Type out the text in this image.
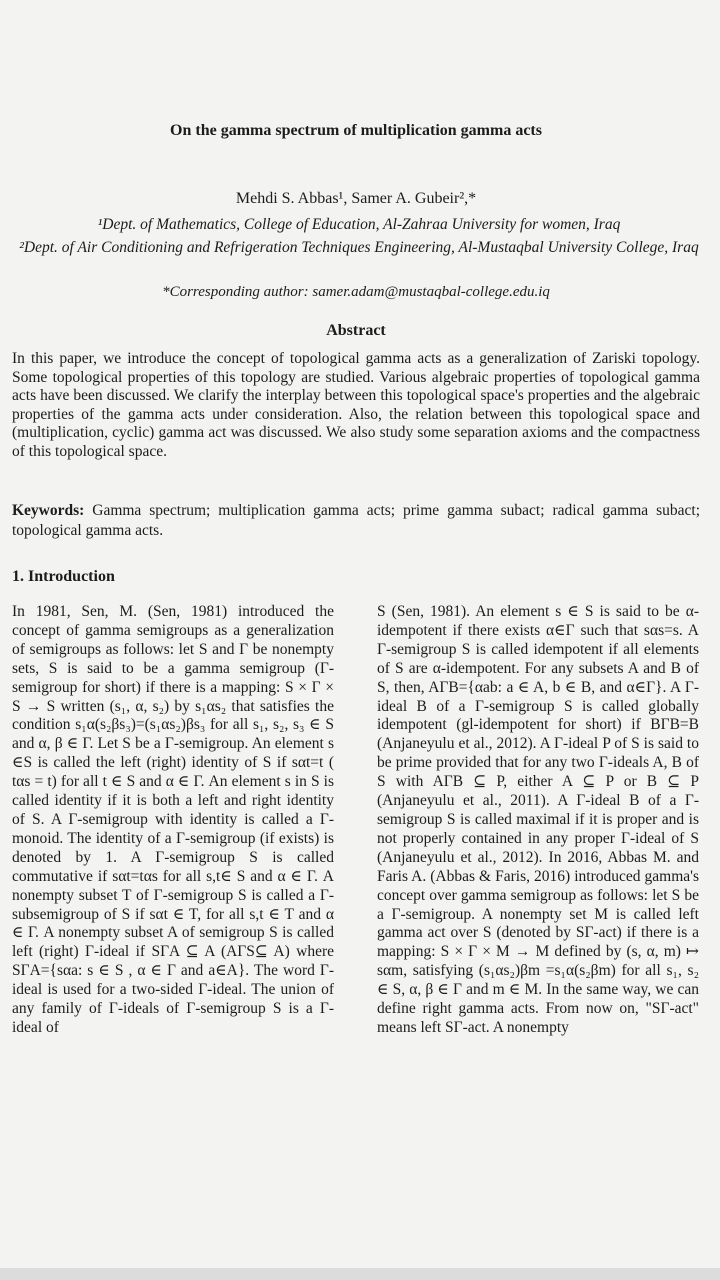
On the gamma spectrum of multiplication gamma acts
Mehdi S. Abbas¹, Samer A. Gubeir²,*
¹Dept. of Mathematics, College of Education, Al-Zahraa University for women, Iraq
²Dept. of Air Conditioning and Refrigeration Techniques Engineering, Al-Mustaqbal University College, Iraq
*Corresponding author: samer.adam@mustaqbal-college.edu.iq
Abstract
In this paper, we introduce the concept of topological gamma acts as a generalization of Zariski topology. Some topological properties of this topology are studied. Various algebraic properties of topological gamma acts have been discussed. We clarify the interplay between this topological space's properties and the algebraic properties of the gamma acts under consideration. Also, the relation between this topological space and (multiplication, cyclic) gamma act was discussed. We also study some separation axioms and the compactness of this topological space.
Keywords: Gamma spectrum; multiplication gamma acts; prime gamma subact; radical gamma subact; topological gamma acts.
1. Introduction
In 1981, Sen, M. (Sen, 1981) introduced the concept of gamma semigroups as a generalization of semigroups as follows: let S and Γ be nonempty sets, S is said to be a gamma semigroup (Γ-semigroup for short) if there is a mapping: S × Γ × S → S written (s₁, α, s₂) by s₁αs₂ that satisfies the condition s₁α(s₂βs₃)=(s₁αs₂)βs₃ for all s₁, s₂, s₃ ∈ S and α, β ∈ Γ. Let S be a Γ-semigroup. An element s ∈S is called the left (right) identity of S if sαt=t ( tαs = t) for all t ∈ S and α ∈ Γ. An element s in S is called identity if it is both a left and right identity of S. A Γ-semigroup with identity is called a Γ-monoid. The identity of a Γ-semigroup (if exists) is denoted by 1. A Γ-semigroup S is called commutative if sαt=tαs for all s,t∈ S and α ∈ Γ. A nonempty subset T of Γ-semigroup S is called a Γ-subsemigroup of S if sαt ∈ T, for all s,t ∈ T and α ∈ Γ. A nonempty subset A of semigroup S is called left (right) Γ-ideal if SΓA ⊆ A (AΓS⊆ A) where SΓA={sαa: s ∈ S , α ∈ Γ and a∈A}. The word Γ-ideal is used for a two-sided Γ-ideal. The union of any family of Γ-ideals of Γ-semigroup S is a Γ-ideal of
S (Sen, 1981). An element s ∈ S is said to be α-idempotent if there exists α∈Γ such that sαs=s. A Γ-semigroup S is called idempotent if all elements of S are α-idempotent. For any subsets A and B of S, then, AΓB={αab: a ∈ A, b ∈ B, and α∈Γ}. A Γ-ideal B of a Γ-semigroup S is called globally idempotent (gl-idempotent for short) if BΓB=B (Anjaneyulu et al., 2012). A Γ-ideal P of S is said to be prime provided that for any two Γ-ideals A, B of S with AΓB ⊆ P, either A ⊆ P or B ⊆ P (Anjaneyulu et al., 2011). A Γ-ideal B of a Γ-semigroup S is called maximal if it is proper and is not properly contained in any proper Γ-ideal of S (Anjaneyulu et al., 2012). In 2016, Abbas M. and Faris A. (Abbas & Faris, 2016) introduced gamma's concept over gamma semigroup as follows: let S be a Γ-semigroup. A nonempty set M is called left gamma act over S (denoted by SΓ-act) if there is a mapping: S × Γ × M → M defined by (s, α, m) ↦ sαm, satisfying (s₁αs₂)βm =s₁α(s₂βm) for all s₁, s₂ ∈ S, α, β ∈ Γ and m ∈ M. In the same way, we can define right gamma acts. From now on, "SΓ-act" means left SΓ-act. A nonempty
